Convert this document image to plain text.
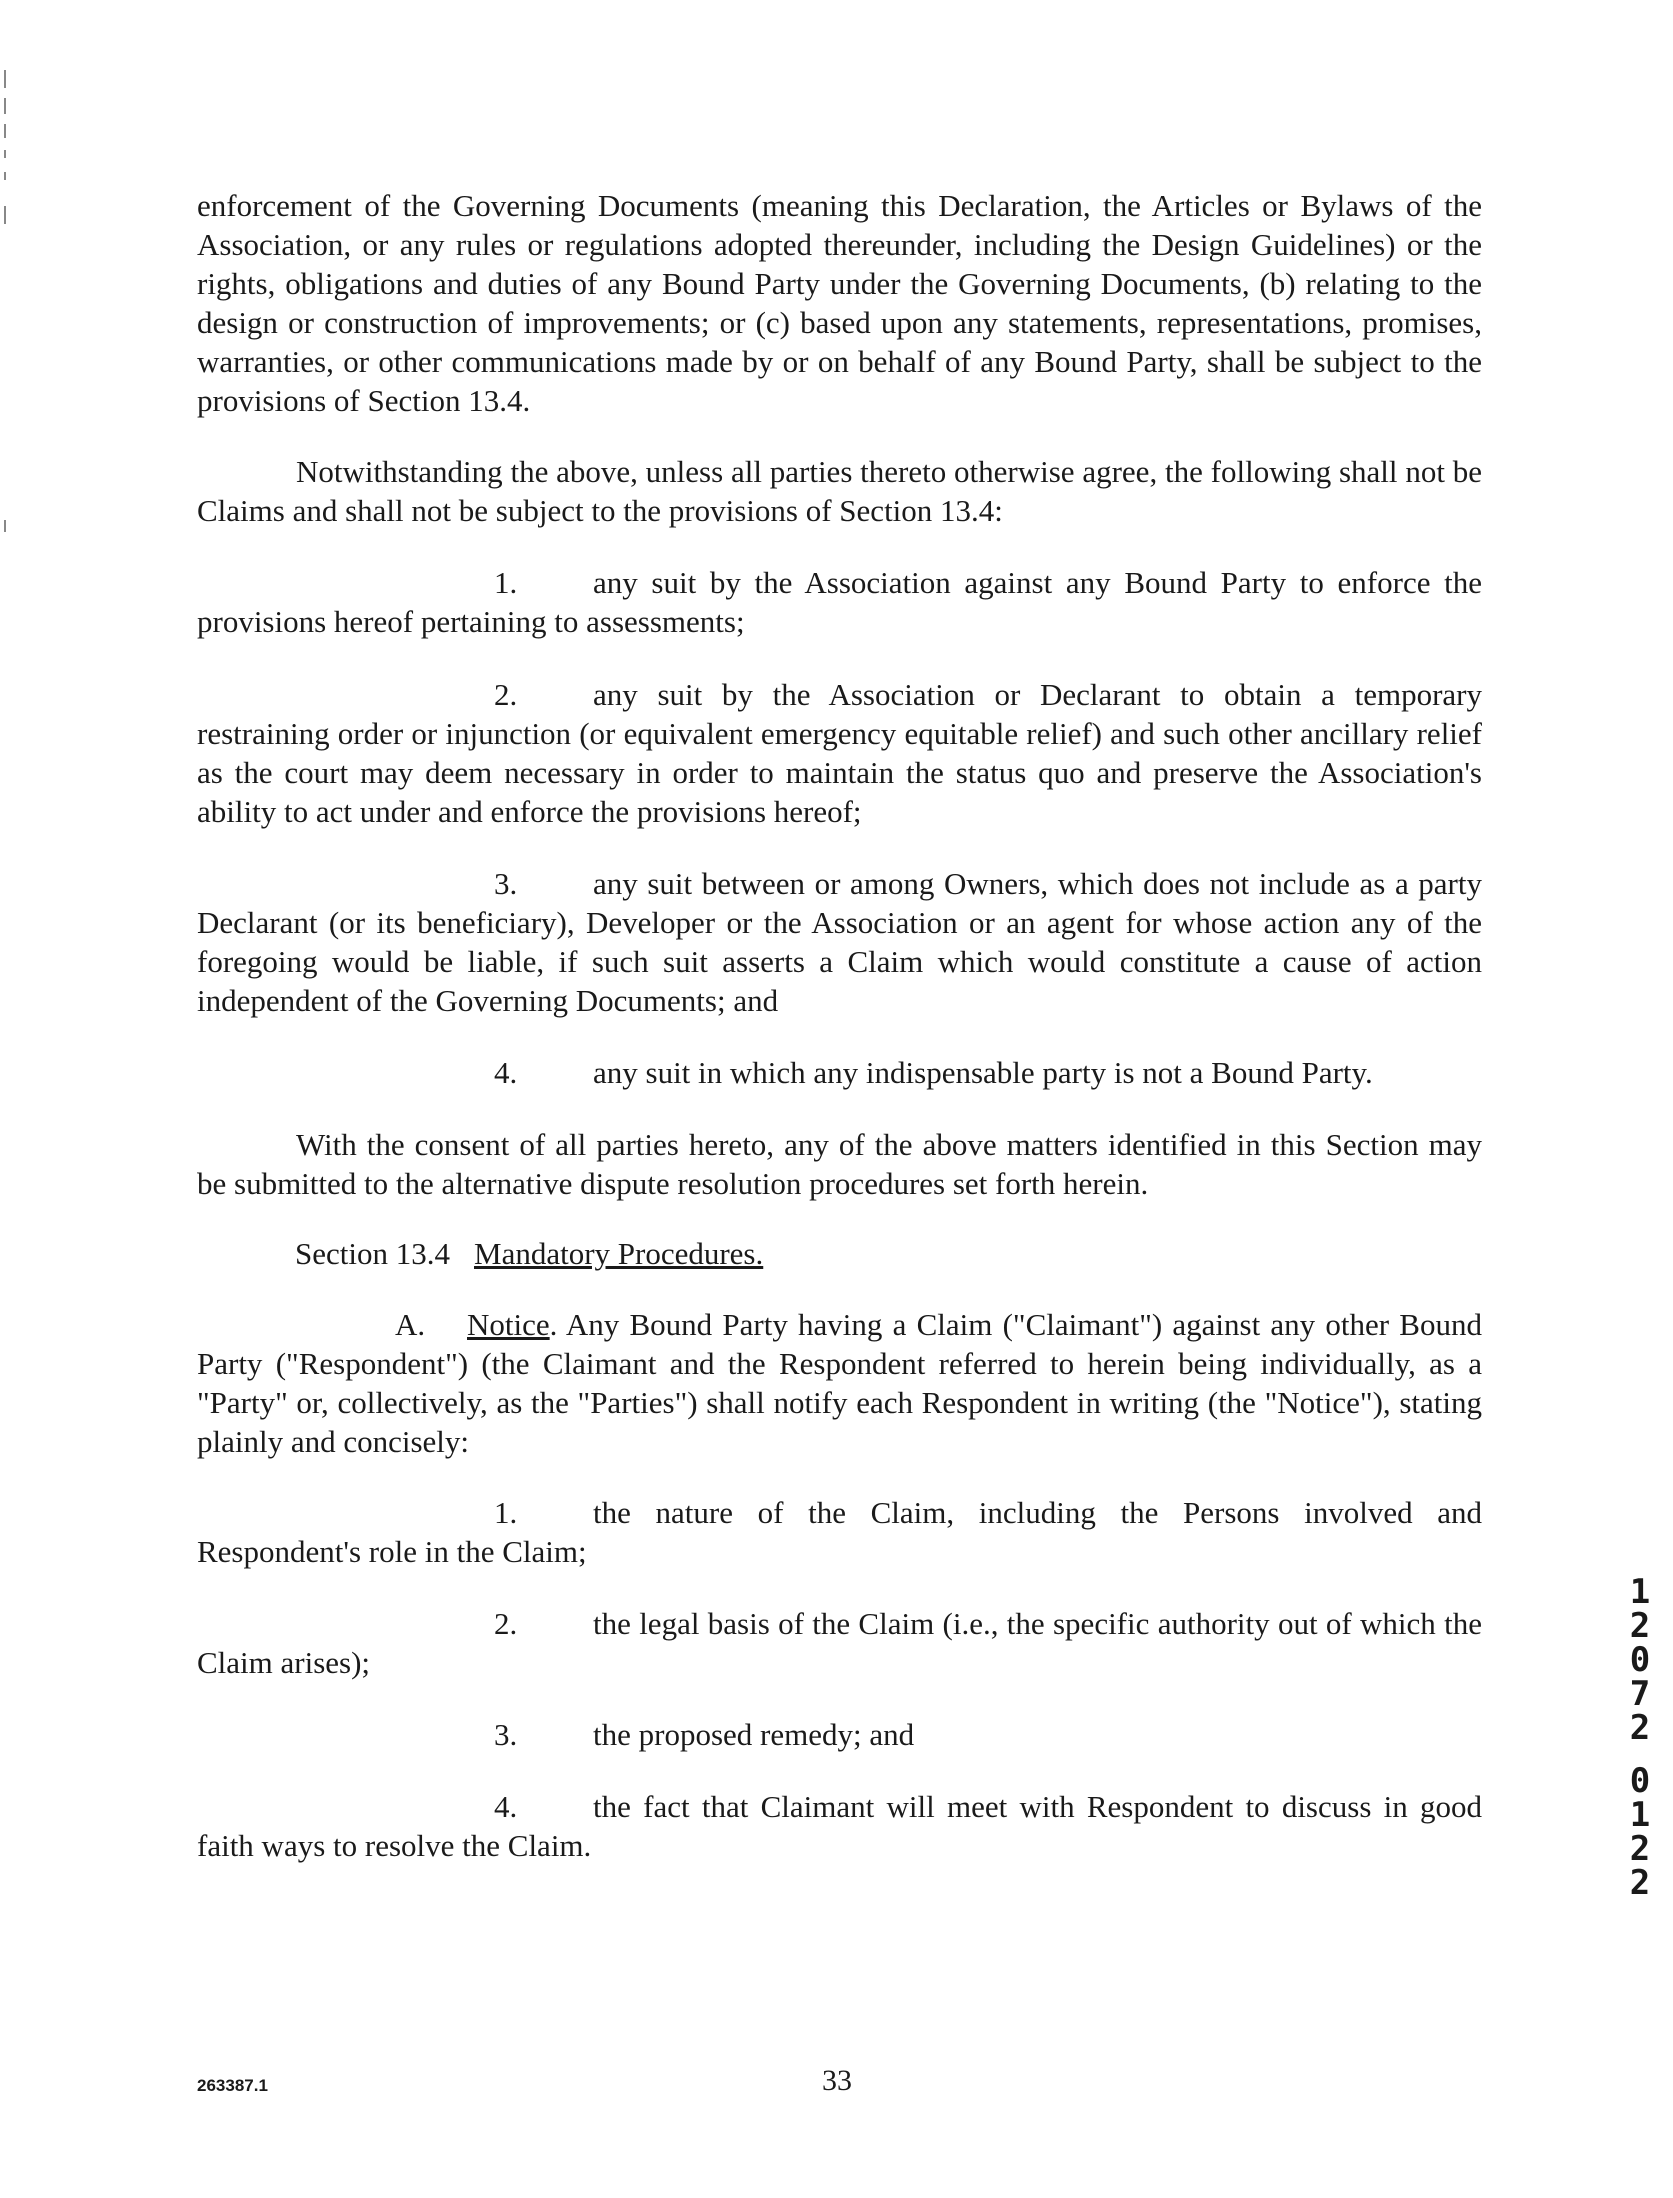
enforcement of the Governing Documents (meaning this Declaration, the Articles or Bylaws of the Association, or any rules or regulations adopted thereunder, including the Design Guidelines) or the rights, obligations and duties of any Bound Party under the Governing Documents, (b) relating to the design or construction of improvements; or (c) based upon any statements, representations, promises, warranties, or other communications made by or on behalf of any Bound Party, shall be subject to the provisions of Section 13.4.
Notwithstanding the above, unless all parties thereto otherwise agree, the following shall not be Claims and shall not be subject to the provisions of Section 13.4:
1. any suit by the Association against any Bound Party to enforce the provisions hereof pertaining to assessments;
2. any suit by the Association or Declarant to obtain a temporary restraining order or injunction (or equivalent emergency equitable relief) and such other ancillary relief as the court may deem necessary in order to maintain the status quo and preserve the Association's ability to act under and enforce the provisions hereof;
3. any suit between or among Owners, which does not include as a party Declarant (or its beneficiary), Developer or the Association or an agent for whose action any of the foregoing would be liable, if such suit asserts a Claim which would constitute a cause of action independent of the Governing Documents; and
4. any suit in which any indispensable party is not a Bound Party.
With the consent of all parties hereto, any of the above matters identified in this Section may be submitted to the alternative dispute resolution procedures set forth herein.
Section 13.4 Mandatory Procedures.
A. Notice. Any Bound Party having a Claim ("Claimant") against any other Bound Party ("Respondent") (the Claimant and the Respondent referred to herein being individually, as a "Party" or, collectively, as the "Parties") shall notify each Respondent in writing (the "Notice"), stating plainly and concisely:
1. the nature of the Claim, including the Persons involved and Respondent's role in the Claim;
2. the legal basis of the Claim (i.e., the specific authority out of which the Claim arises);
3. the proposed remedy; and
4. the fact that Claimant will meet with Respondent to discuss in good faith ways to resolve the Claim.
1
2
0
7
2
0
1
2
2
263387.1	33
